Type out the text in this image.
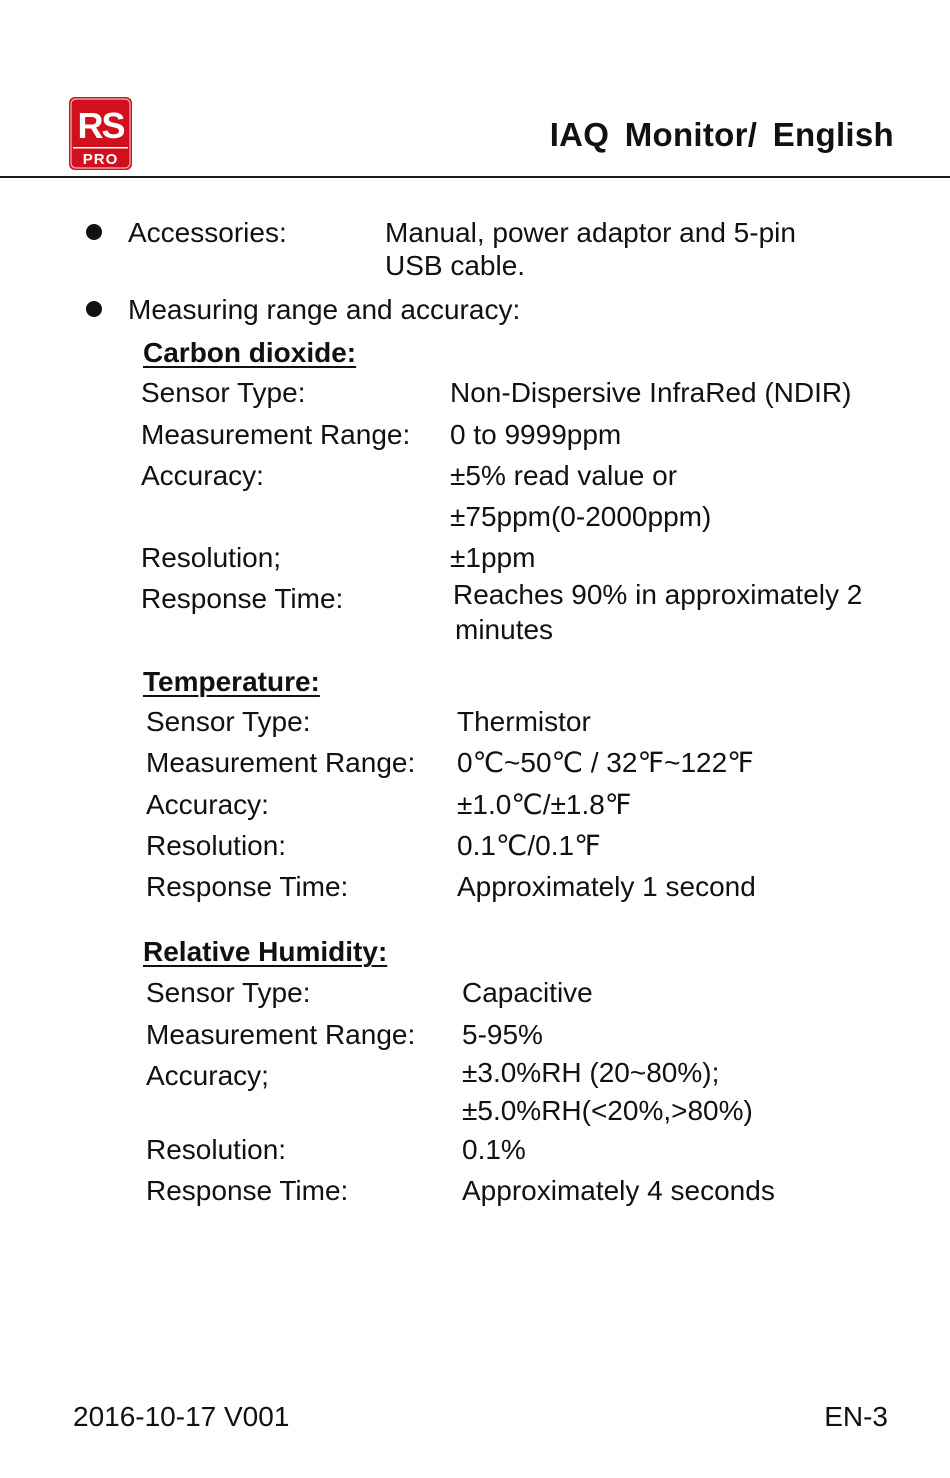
RS
PRO
IAQ Monitor/ English
Accessories:	Manual, power adaptor and 5-pin
USB cable.
Measuring range and accuracy:
Carbon dioxide:
Sensor Type:	Non-Dispersive InfraRed (NDIR)
Measurement Range: 0 to 9999ppm
Accuracy:	±5% read value or
±75ppm(0-2000ppm)
Resolution;	±1ppm
Response Time:	Reaches 90% in approximately 2
minutes
Temperature:
Sensor Type:	Thermistor
Measurement Range: 0℃~50℃ / 32℉~122℉
Accuracy:	±1.0℃/±1.8℉
Resolution:	0.1℃/0.1℉
Response Time:	Approximately 1 second
Relative Humidity:
Sensor Type:	Capacitive
Measurement Range: 5-95%
Accuracy;	±3.0%RH (20~80%);
±5.0%RH(<20%,>80%)
Resolution:	0.1%
Response Time:	Approximately 4 seconds
2016-10-17 V001	EN-3
